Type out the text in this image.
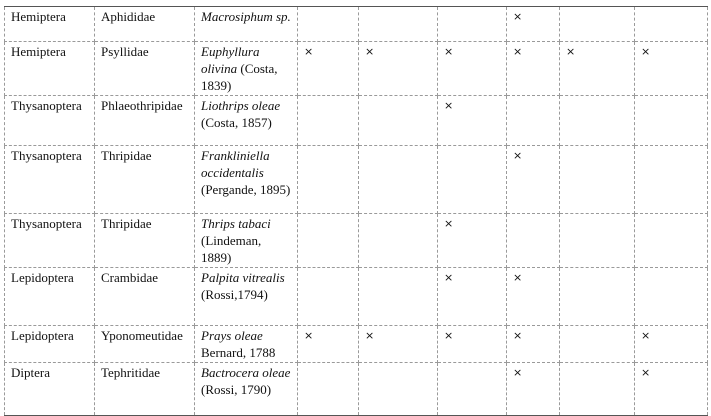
Hemiptera	Aphididae	Macrosiphum sp.				×		
Hemiptera	Psyllidae	Euphyllura olivina (Costa, 1839)	×	×	×	×	×	×
Thysanoptera	Phlaeothripidae	Liothrips oleae (Costa, 1857)			×			
Thysanoptera	Thripidae	Frankliniella occidentalis (Pergande, 1895)				×		
Thysanoptera	Thripidae	Thrips tabaci (Lindeman, 1889)			×			
Lepidoptera	Crambidae	Palpita vitrealis (Rossi,1794)			×	×		
Lepidoptera	Yponomeutidae	Prays oleae Bernard, 1788	×	×	×	×		×
Diptera	Tephritidae	Bactrocera oleae (Rossi, 1790)				×		×
